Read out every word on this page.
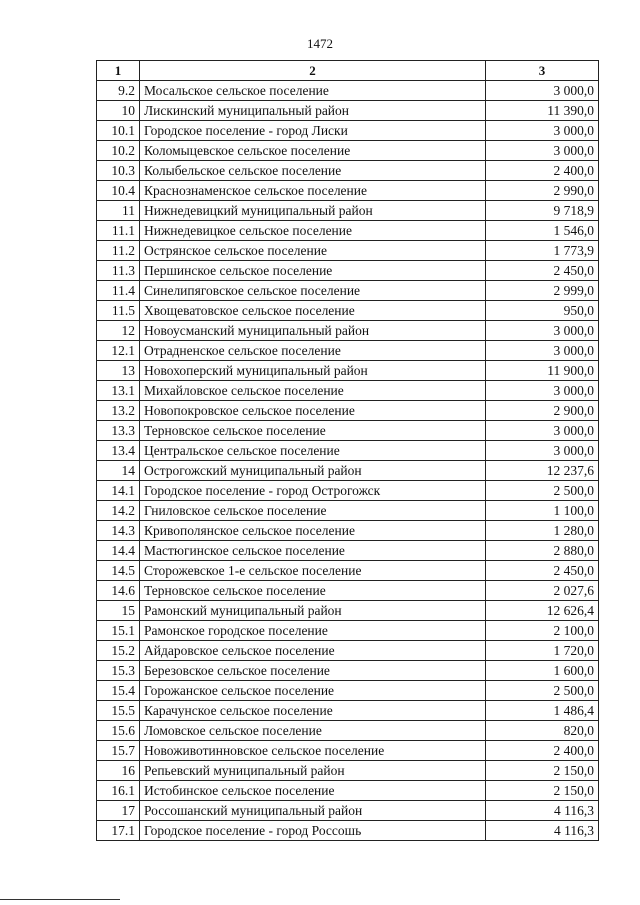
1472
1	2	3
9.2	Мосальское сельское поселение	3 000,0
10	Лискинский муниципальный район	11 390,0
10.1	Городское поселение - город Лиски	3 000,0
10.2	Коломыцевское сельское поселение	3 000,0
10.3	Колыбельское сельское поселение	2 400,0
10.4	Краснознаменское сельское поселение	2 990,0
11	Нижнедевицкий муниципальный район	9 718,9
11.1	Нижнедевицкое сельское поселение	1 546,0
11.2	Острянское сельское поселение	1 773,9
11.3	Першинское сельское поселение	2 450,0
11.4	Синелипяговское сельское поселение	2 999,0
11.5	Хвощеватовское сельское поселение	950,0
12	Новоусманский муниципальный район	3 000,0
12.1	Отрадненское сельское поселение	3 000,0
13	Новохоперский муниципальный район	11 900,0
13.1	Михайловское сельское поселение	3 000,0
13.2	Новопокровское сельское поселение	2 900,0
13.3	Терновское сельское поселение	3 000,0
13.4	Центральское сельское поселение	3 000,0
14	Острогожский муниципальный район	12 237,6
14.1	Городское поселение - город Острогожск	2 500,0
14.2	Гниловское сельское поселение	1 100,0
14.3	Кривополянское сельское поселение	1 280,0
14.4	Мастюгинское сельское поселение	2 880,0
14.5	Сторожевское 1-е сельское поселение	2 450,0
14.6	Терновское сельское поселение	2 027,6
15	Рамонский муниципальный район	12 626,4
15.1	Рамонское городское поселение	2 100,0
15.2	Айдаровское сельское поселение	1 720,0
15.3	Березовское сельское поселение	1 600,0
15.4	Горожанское сельское поселение	2 500,0
15.5	Карачунское сельское поселение	1 486,4
15.6	Ломовское сельское поселение	820,0
15.7	Новоживотинновское сельское поселение	2 400,0
16	Репьевский муниципальный район	2 150,0
16.1	Истобинское сельское поселение	2 150,0
17	Россошанский муниципальный район	4 116,3
17.1	Городское поселение - город Россошь	4 116,3
